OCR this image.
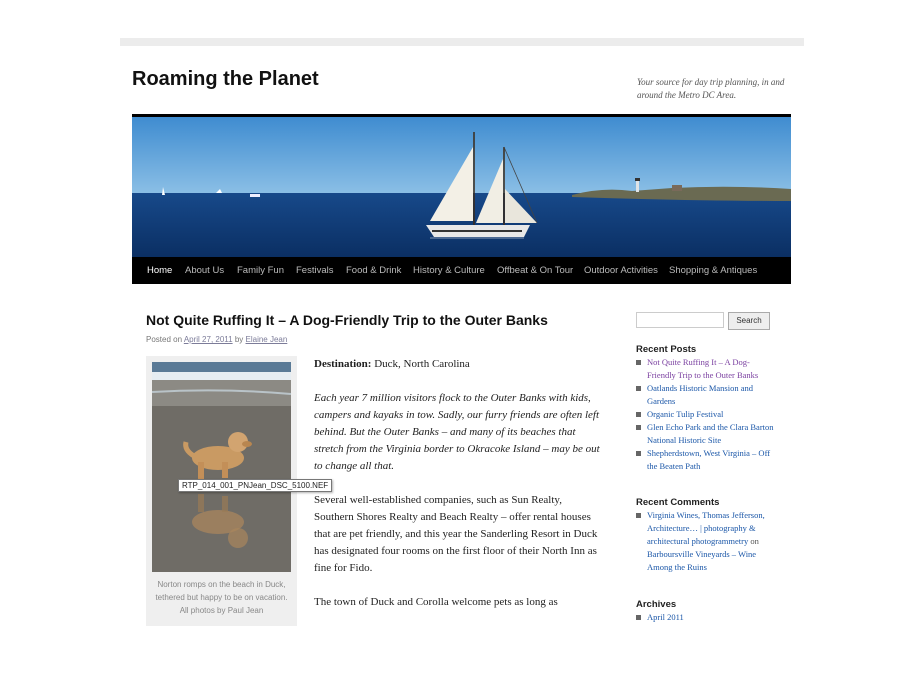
Roaming the Planet	Your source for day trip planning, in and around the Metro DC Area.
Home About Us Family Fun Festivals Food & Drink History & Culture Offbeat & On Tour Outdoor Activities Shopping & Antiques
Not Quite Ruffing It – A Dog-Friendly Trip to the Outer Banks
Posted on April 27, 2011 by Elaine Jean
Norton romps on the beach in Duck, tethered but happy to be on vacation. All photos by Paul Jean
RTP_014_001_PNJean_DSC_5100.NEF

Destination: Duck, North Carolina

Each year 7 million visitors flock to the Outer Banks with kids, campers and kayaks in tow. Sadly, our furry friends are often left behind. But the Outer Banks – and many of its beaches that stretch from the Virginia border to Okracoke Island – may be out to change all that.

Several well-established companies, such as Sun Realty, Southern Shores Realty and Beach Realty – offer rental houses that are pet friendly, and this year the Sanderling Resort in Duck has designated four rooms on the first floor of their North Inn as fine for Fido.

The town of Duck and Corolla welcome pets as long as

Search
Recent Posts
Not Quite Ruffing It – A Dog-Friendly Trip to the Outer Banks
Oatlands Historic Mansion and Gardens
Organic Tulip Festival
Glen Echo Park and the Clara Barton National Historic Site
Shepherdstown, West Virginia – Off the Beaten Path
Recent Comments
Virginia Wines, Thomas Jefferson, Architecture… | photography & architectural photogrammetry on Barboursville Vineyards – Wine Among the Ruins
Archives
April 2011
